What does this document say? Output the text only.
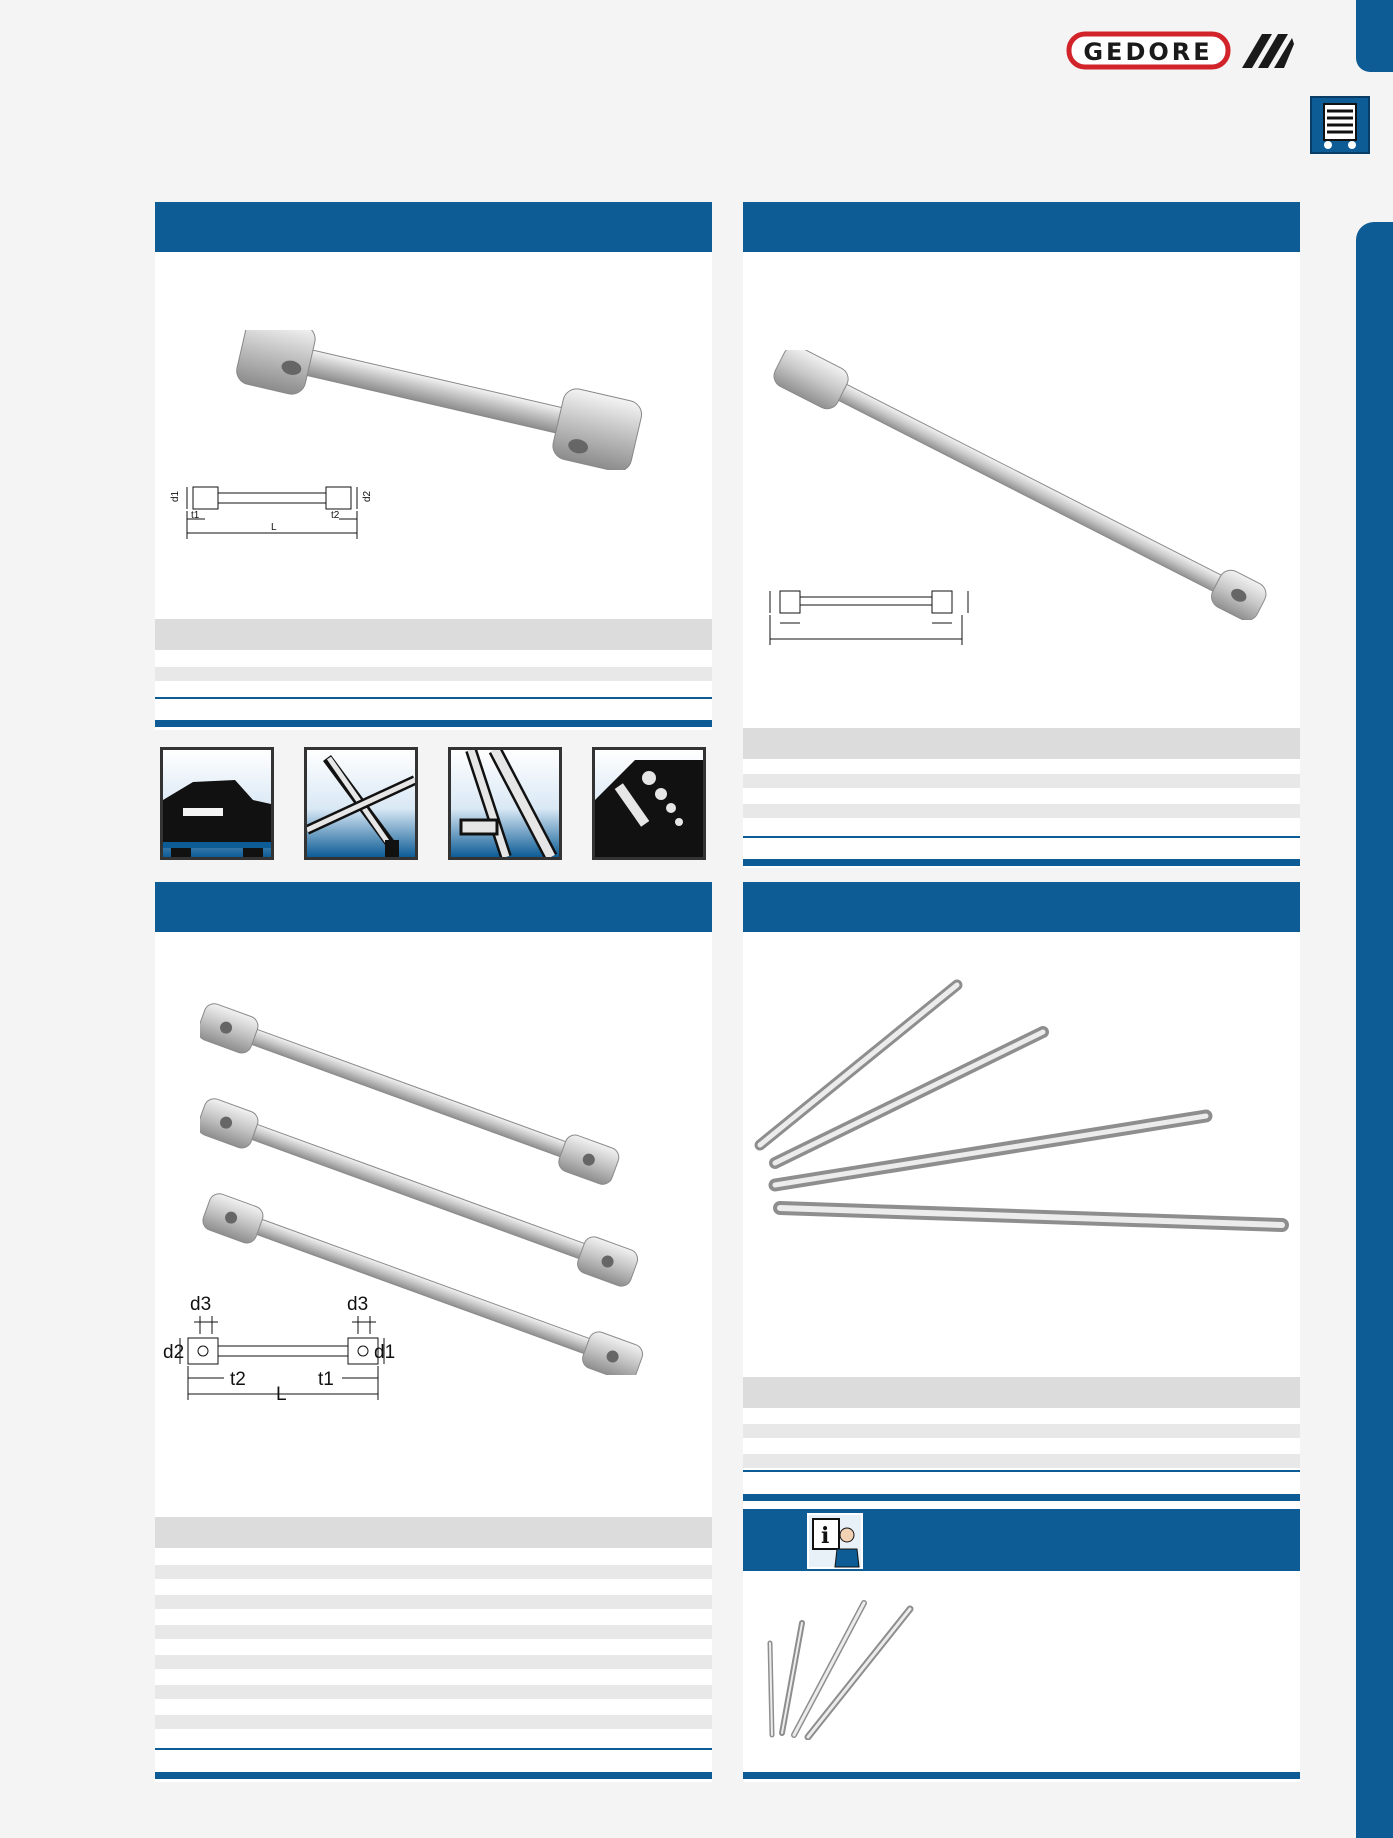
GEDORE
d1	d2
t1	t2
L
d3	d3
d2	d1
t2	t1
L
i
